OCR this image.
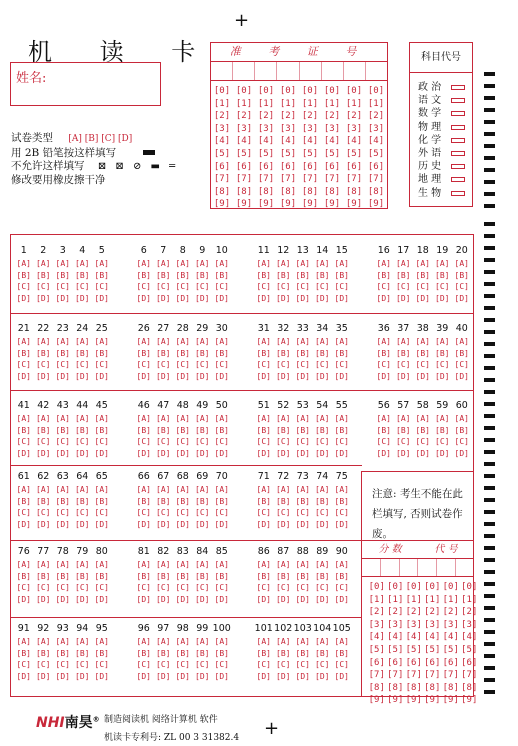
+
+
机 读 卡
姓名:
准 考 证 号
[0]
[1]
[2]
[3]
[4]
[5]
[6]
[7]
[8]
[9]
[0]
[1]
[2]
[3]
[4]
[5]
[6]
[7]
[8]
[9]
[0]
[1]
[2]
[3]
[4]
[5]
[6]
[7]
[8]
[9]
[0]
[1]
[2]
[3]
[4]
[5]
[6]
[7]
[8]
[9]
[0]
[1]
[2]
[3]
[4]
[5]
[6]
[7]
[8]
[9]
[0]
[1]
[2]
[3]
[4]
[5]
[6]
[7]
[8]
[9]
[0]
[1]
[2]
[3]
[4]
[5]
[6]
[7]
[8]
[9]
[0]
[1]
[2]
[3]
[4]
[5]
[6]
[7]
[8]
[9]
科目代号
政 治
语 文
数 学
物 理
化 学
外 语
历 史
地 理
生 物
试卷类型 [A] [B] [C] [D]
用 2B 铅笔按这样填写
不允许这样填写 ⊠ ⊠ ⊘ ▬ ═
修改要用橡皮擦干净
1
[A]
[B]
[C]
[D]
2
[A]
[B]
[C]
[D]
3
[A]
[B]
[C]
[D]
4
[A]
[B]
[C]
[D]
5
[A]
[B]
[C]
[D]
6
[A]
[B]
[C]
[D]
7
[A]
[B]
[C]
[D]
8
[A]
[B]
[C]
[D]
9
[A]
[B]
[C]
[D]
10
[A]
[B]
[C]
[D]
11
[A]
[B]
[C]
[D]
12
[A]
[B]
[C]
[D]
13
[A]
[B]
[C]
[D]
14
[A]
[B]
[C]
[D]
15
[A]
[B]
[C]
[D]
16
[A]
[B]
[C]
[D]
17
[A]
[B]
[C]
[D]
18
[A]
[B]
[C]
[D]
19
[A]
[B]
[C]
[D]
20
[A]
[B]
[C]
[D]
21
[A]
[B]
[C]
[D]
22
[A]
[B]
[C]
[D]
23
[A]
[B]
[C]
[D]
24
[A]
[B]
[C]
[D]
25
[A]
[B]
[C]
[D]
26
[A]
[B]
[C]
[D]
27
[A]
[B]
[C]
[D]
28
[A]
[B]
[C]
[D]
29
[A]
[B]
[C]
[D]
30
[A]
[B]
[C]
[D]
31
[A]
[B]
[C]
[D]
32
[A]
[B]
[C]
[D]
33
[A]
[B]
[C]
[D]
34
[A]
[B]
[C]
[D]
35
[A]
[B]
[C]
[D]
36
[A]
[B]
[C]
[D]
37
[A]
[B]
[C]
[D]
38
[A]
[B]
[C]
[D]
39
[A]
[B]
[C]
[D]
40
[A]
[B]
[C]
[D]
41
[A]
[B]
[C]
[D]
42
[A]
[B]
[C]
[D]
43
[A]
[B]
[C]
[D]
44
[A]
[B]
[C]
[D]
45
[A]
[B]
[C]
[D]
46
[A]
[B]
[C]
[D]
47
[A]
[B]
[C]
[D]
48
[A]
[B]
[C]
[D]
49
[A]
[B]
[C]
[D]
50
[A]
[B]
[C]
[D]
51
[A]
[B]
[C]
[D]
52
[A]
[B]
[C]
[D]
53
[A]
[B]
[C]
[D]
54
[A]
[B]
[C]
[D]
55
[A]
[B]
[C]
[D]
56
[A]
[B]
[C]
[D]
57
[A]
[B]
[C]
[D]
58
[A]
[B]
[C]
[D]
59
[A]
[B]
[C]
[D]
60
[A]
[B]
[C]
[D]
61
[A]
[B]
[C]
[D]
62
[A]
[B]
[C]
[D]
63
[A]
[B]
[C]
[D]
64
[A]
[B]
[C]
[D]
65
[A]
[B]
[C]
[D]
66
[A]
[B]
[C]
[D]
67
[A]
[B]
[C]
[D]
68
[A]
[B]
[C]
[D]
69
[A]
[B]
[C]
[D]
70
[A]
[B]
[C]
[D]
71
[A]
[B]
[C]
[D]
72
[A]
[B]
[C]
[D]
73
[A]
[B]
[C]
[D]
74
[A]
[B]
[C]
[D]
75
[A]
[B]
[C]
[D]
76
[A]
[B]
[C]
[D]
77
[A]
[B]
[C]
[D]
78
[A]
[B]
[C]
[D]
79
[A]
[B]
[C]
[D]
80
[A]
[B]
[C]
[D]
81
[A]
[B]
[C]
[D]
82
[A]
[B]
[C]
[D]
83
[A]
[B]
[C]
[D]
84
[A]
[B]
[C]
[D]
85
[A]
[B]
[C]
[D]
86
[A]
[B]
[C]
[D]
87
[A]
[B]
[C]
[D]
88
[A]
[B]
[C]
[D]
89
[A]
[B]
[C]
[D]
90
[A]
[B]
[C]
[D]
91
[A]
[B]
[C]
[D]
92
[A]
[B]
[C]
[D]
93
[A]
[B]
[C]
[D]
94
[A]
[B]
[C]
[D]
95
[A]
[B]
[C]
[D]
96
[A]
[B]
[C]
[D]
97
[A]
[B]
[C]
[D]
98
[A]
[B]
[C]
[D]
99
[A]
[B]
[C]
[D]
100
[A]
[B]
[C]
[D]
101
[A]
[B]
[C]
[D]
102
[A]
[B]
[C]
[D]
103
[A]
[B]
[C]
[D]
104
[A]
[B]
[C]
[D]
105
[A]
[B]
[C]
[D]
注意: 考生不能在此栏填写, 否则试卷作废。
分 数	代 号
[0]
[1]
[2]
[3]
[4]
[5]
[6]
[7]
[8]
[9]
[0]
[1]
[2]
[3]
[4]
[5]
[6]
[7]
[8]
[9]
[0]
[1]
[2]
[3]
[4]
[5]
[6]
[7]
[8]
[9]
[0]
[1]
[2]
[3]
[4]
[5]
[6]
[7]
[8]
[9]
[0]
[1]
[2]
[3]
[4]
[5]
[6]
[7]
[8]
[9]
[0]
[1]
[2]
[3]
[4]
[5]
[6]
[7]
[8]
[9]
NHI南昊® 制造阅读机 阅络计算机 软件
机读卡专利号: ZL 00 3 31382.4
